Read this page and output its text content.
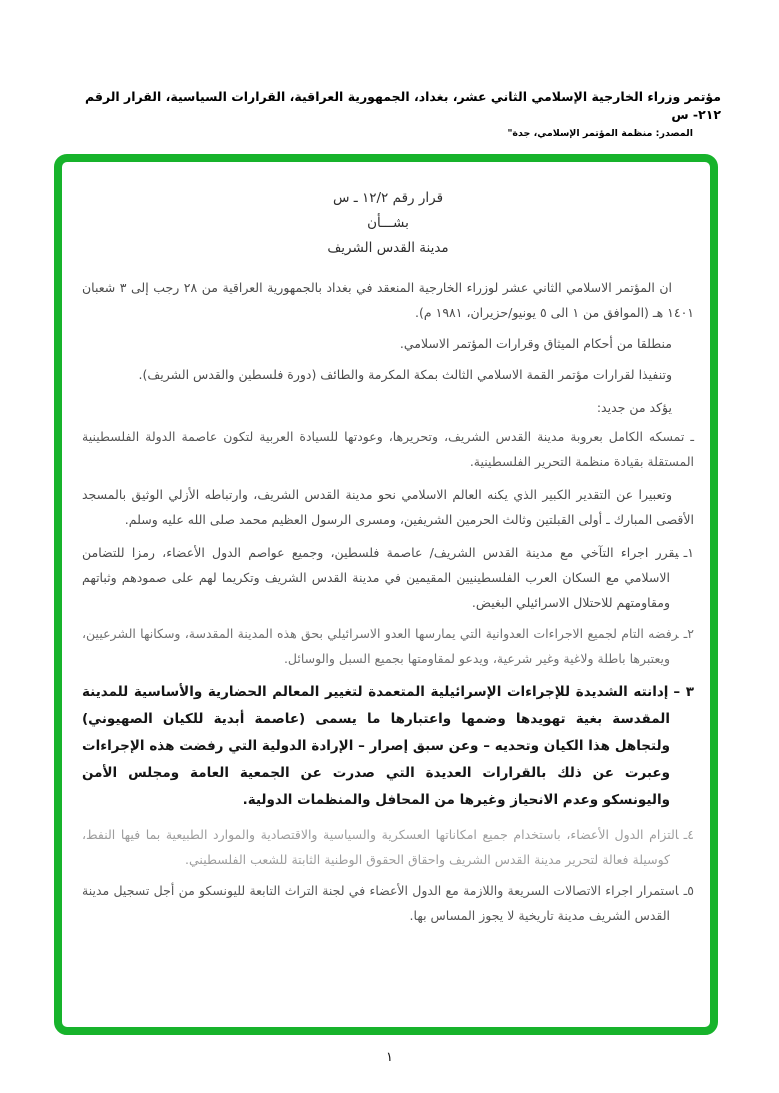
مؤتمر وزراء الخارجية الإسلامي الثاني عشر، بغداد، الجمهورية العراقية، القرارات السياسية، القرار الرقم ٢١٢- س
المصدر: منظمة المؤتمر الإسلامي، جدة"
قرار رقم ١٢/٢ ـ س
بشـــأن
مدينة القدس الشريف

ان المؤتمر الاسلامي الثاني عشر لوزراء الخارجية المنعقد في بغداد بالجمهورية العراقية من ٢٨ رجب إلى ٣ شعبان ١٤٠١ هـ (الموافق من ١ الى ٥ يونيو/حزيران، ١٩٨١ م).

منطلقا من أحكام الميثاق وقرارات المؤتمر الاسلامي.

وتنفيذا لقرارات مؤتمر القمة الاسلامي الثالث بمكة المكرمة والطائف (دورة فلسطين والقدس الشريف).

يؤكد من جديد:

ـ تمسكه الكامل بعروبة مدينة القدس الشريف، وتحريرها، وعودتها للسيادة العربية لتكون عاصمة الدولة الفلسطينية المستقلة بقيادة منظمة التحرير الفلسطينية.

وتعبيرا عن التقدير الكبير الذي يكنه العالم الاسلامي نحو مدينة القدس الشريف، وارتباطه الأزلي الوثيق بالمسجد الأقصى المبارك ـ أولى القبلتين وثالث الحرمين الشريفين، ومسرى الرسول العظيم محمد صلى الله عليه وسلم.

١ـيقرر اجراء التآخي مع مدينة القدس الشريف/ عاصمة فلسطين، وجميع عواصم الدول الأعضاء، رمزا للتضامن الاسلامي مع السكان العرب الفلسطينيين المقيمين في مدينة القدس الشريف وتكريما لهم على صمودهم وثباتهم ومقاومتهم للاحتلال الاسرائيلي البغيض.

٢ـرفضه التام لجميع الاجراءات العدوانية التي يمارسها العدو الاسرائيلي بحق هذه المدينة المقدسة، وسكانها الشرعيين، ويعتبرها باطلة ولاغية وغير شرعية، ويدعو لمقاومتها بجميع السبل والوسائل.

٣ –إدانته الشديدة للإجراءات الإسرائيلية المتعمدة لتغيير المعالم الحضارية والأساسية للمدينة المقدسة بغية تهويدها وضمها واعتبارها ما يسمى (عاصمة أبدية للكيان الصهيوني) ولتجاهل هذا الكيان وتحديه – وعن سبق إصرار – الإرادة الدولية التي رفضت هذه الإجراءات وعبرت عن ذلك بالقرارات العديدة التي صدرت عن الجمعية العامة ومجلس الأمن واليونسكو وعدم الانحياز وغيرها من المحافل والمنظمات الدولية.

٤ـالتزام الدول الأعضاء، باستخدام جميع امكاناتها العسكرية والسياسية والاقتصادية والموارد الطبيعية بما فيها النفط، كوسيلة فعالة لتحرير مدينة القدس الشريف واحقاق الحقوق الوطنية الثابتة للشعب الفلسطيني.

٥ـاستمرار اجراء الاتصالات السريعة واللازمة مع الدول الأعضاء في لجنة التراث التابعة لليونسكو من أجل تسجيل مدينة القدس الشريف مدينة تاريخية لا يجوز المساس بها.

١
